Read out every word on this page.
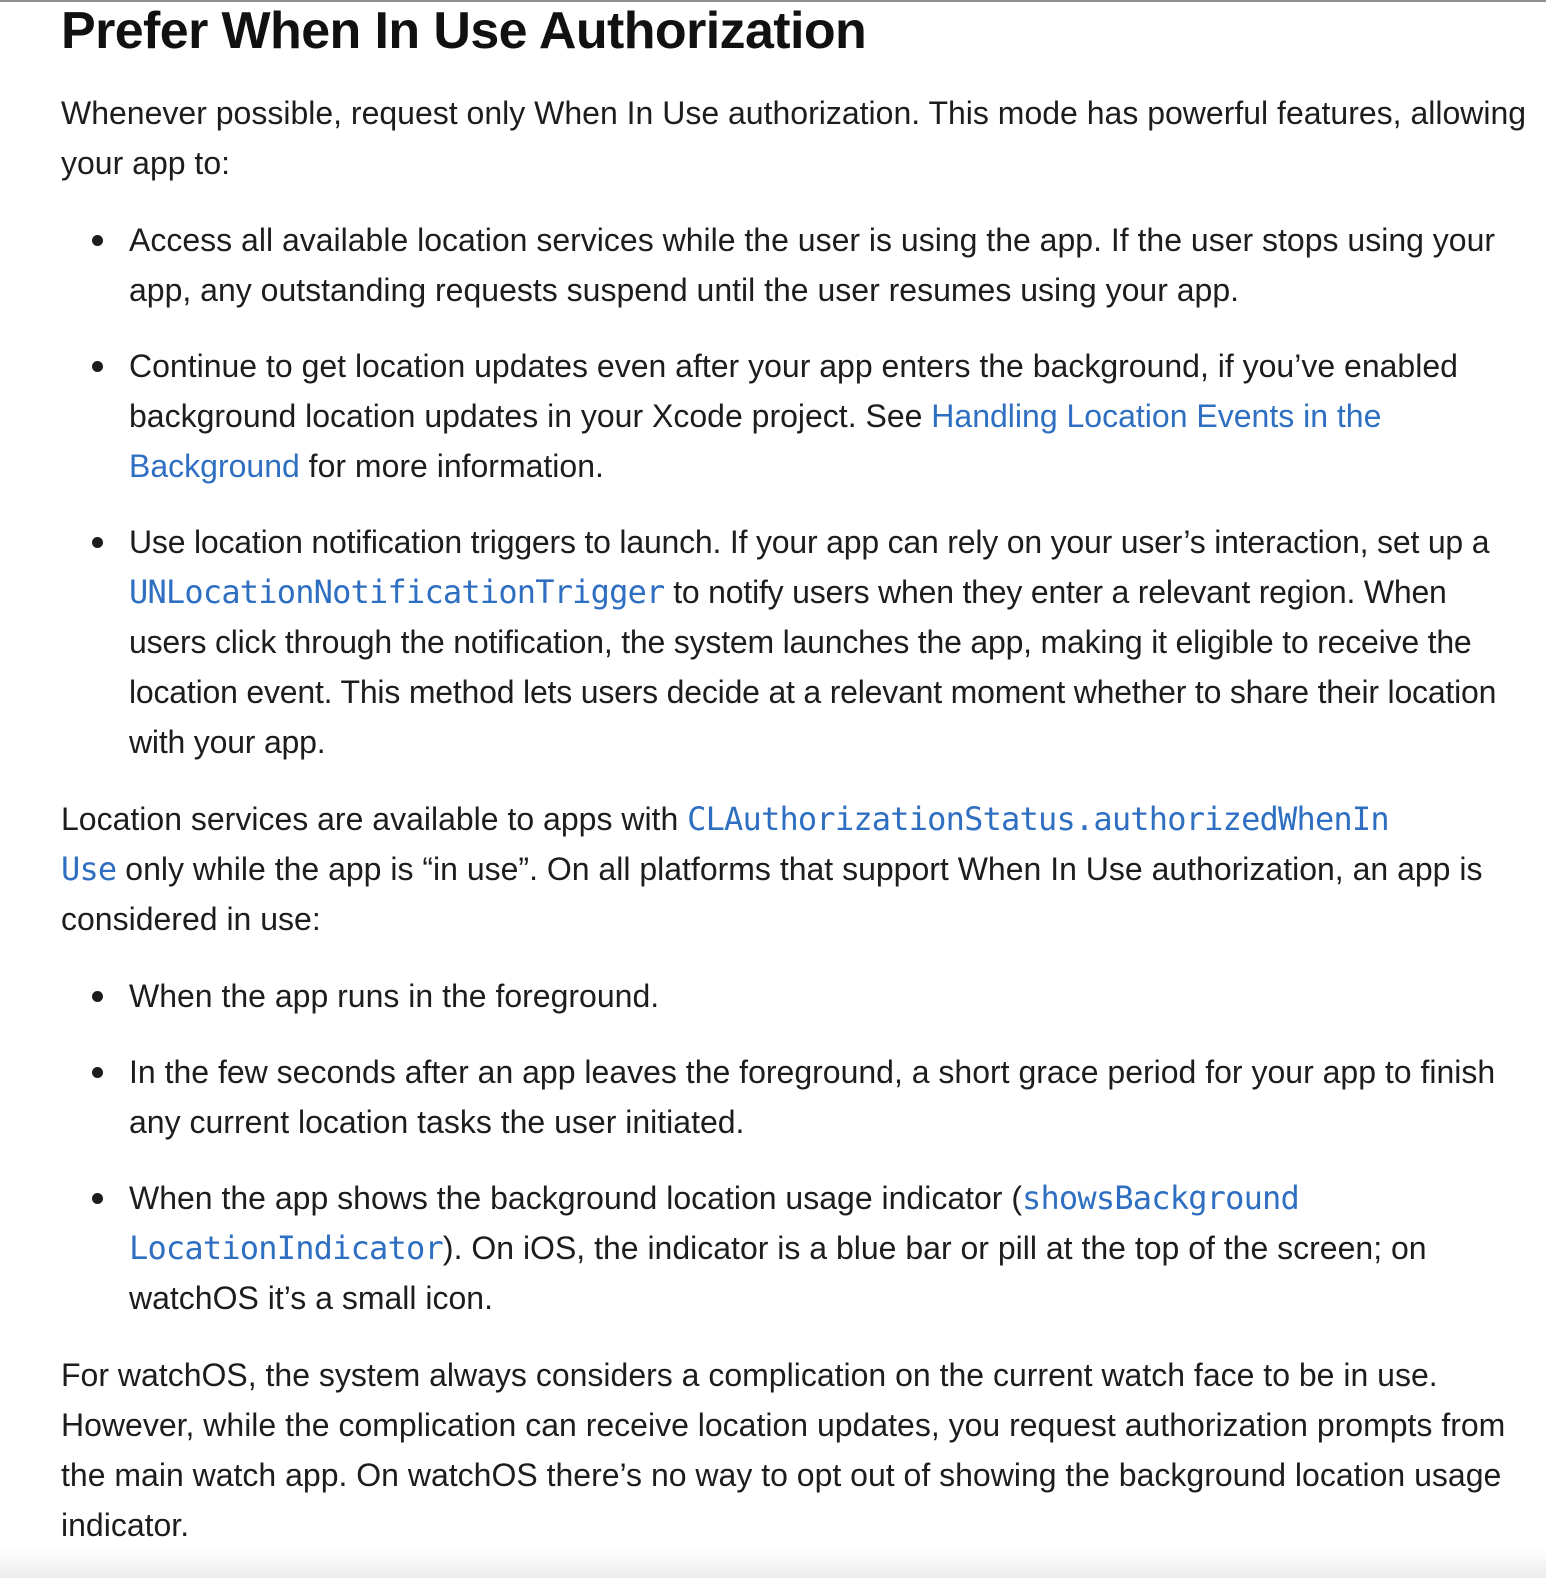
Prefer When In Use Authorization

Whenever possible, request only When In Use authorization. This mode has powerful features, allowing your app to:

Access all available location services while the user is using the app. If the user stops using your app, any outstanding requests suspend until the user resumes using your app.
Continue to get location updates even after your app enters the background, if you’ve enabled background location updates in your Xcode project. See Handling Location Events in the Background for more information.
Use location notification triggers to launch. If your app can rely on your user’s interaction, set up a UNLocationNotificationTrigger to notify users when they enter a relevant region. When users click through the notification, the system launches the app, making it eligible to receive the location event. This method lets users decide at a relevant moment whether to share their location with your app.

Location services are available to apps with CLAuthorizationStatus.authorizedWhenIn
Use only while the app is “in use”. On all platforms that support When In Use authorization, an app is considered in use:

When the app runs in the foreground.
In the few seconds after an app leaves the foreground, a short grace period for your app to finish any current location tasks the user initiated.
When the app shows the background location usage indicator (showsBackground
LocationIndicator). On iOS, the indicator is a blue bar or pill at the top of the screen; on watchOS it’s a small icon.

For watchOS, the system always considers a complication on the current watch face to be in use. However, while the complication can receive location updates, you request authorization prompts from the main watch app. On watchOS there’s no way to opt out of showing the background location usage indicator.
